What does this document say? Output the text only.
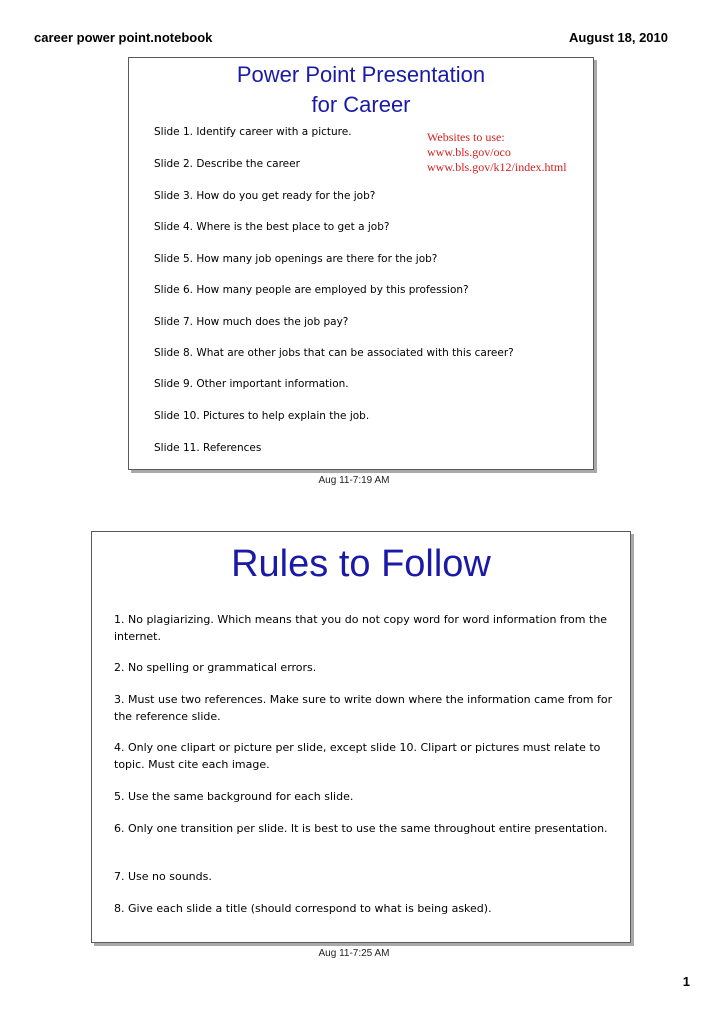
career power point.notebook	August 18, 2010
Power Point Presentation
for Career
Slide 1. Identify career with a picture.
Slide 2. Describe the career
Slide 3. How do you get ready for the job?
Slide 4. Where is the best place to get a job?
Slide 5. How many job openings are there for the job?
Slide 6. How many people are employed by this profession?
Slide 7. How much does the job pay?
Slide 8. What are other jobs that can be associated with this career?
Slide 9. Other important information.
Slide 10. Pictures to help explain the job.
Slide 11. References
Websites to use:
www.bls.gov/oco
www.bls.gov/k12/index.html
Aug 11-7:19 AM
Rules to Follow
1. No plagiarizing. Which means that you do not copy word for word information from the internet.
2. No spelling or grammatical errors.
3. Must use two references. Make sure to write down where the information came from for the reference slide.
4. Only one clipart or picture per slide, except slide 10. Clipart or pictures must relate to topic. Must cite each image.
5. Use the same background for each slide.
6. Only one transition per slide. It is best to use the same throughout entire presentation.
7. Use no sounds.
8. Give each slide a title (should correspond to what is being asked).
Aug 11-7:25 AM
1
